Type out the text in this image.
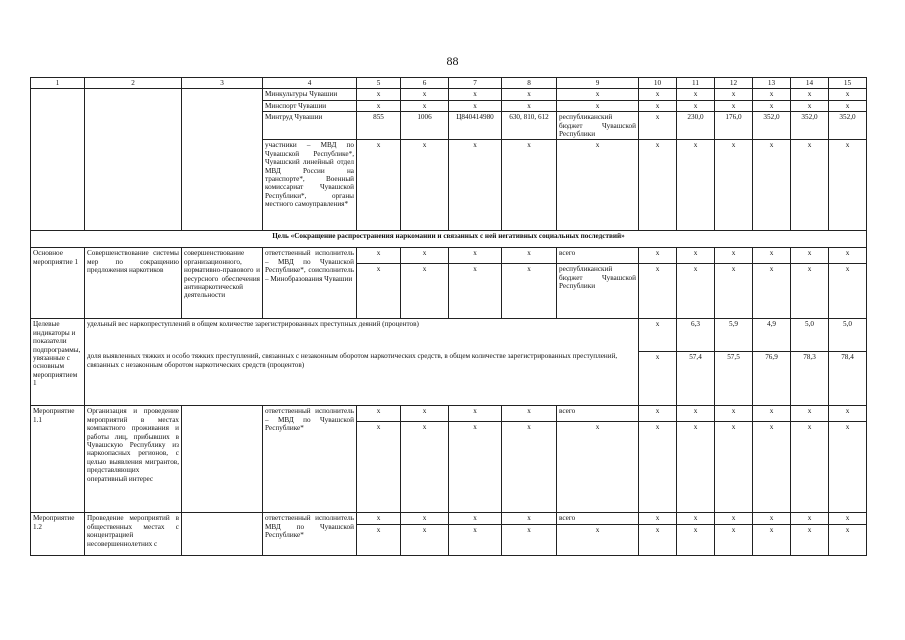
88
1	2	3	4	5	6	7	8	9	10	11	12	13	14	15
			Минкультуры Чувашии	х	х	х	х	х	х	х	х	х	х	х
			Минспорт Чувашии	х	х	х	х	х	х	х	х	х	х	х
			Минтруд Чувашии	855	1006	Ц840414980	630, 810, 612	республиканский бюджет Чувашской Республики	х	230,0	176,0	352,0	352,0	352,0
			участники – МВД по Чувашской Республике*, Чувашский линейный отдел МВД России на транспорте*, Военный комиссариат Чувашской Республики*, органы местного самоуправления*	х	х	х	х	х	х	х	х	х	х	х
Цель «Сокращение распространения наркомании и связанных с ней негативных социальных последствий»														
Основное мероприятие 1	Совершенствование системы мер по сокращению предложения наркотиков	совершенствование организационного, нормативно-правового и ресурсного обеспечения антинаркотической деятельности	ответственный исполнитель – МВД по Чувашской Республике*, соисполнитель – Минобразования Чувашии	х	х	х	х	всего	х	х	х	х	х	х
				х	х	х	х	республиканский бюджет Чувашской Республики	х	х	х	х	х	х
Целевые индикаторы и показатели подпрограммы, увязанные с основным мероприятием 1	удельный вес наркопреступлений в общем количестве зарегистрированных преступных деяний (процентов)								х	6,3	5,9	4,9	5,0	5,0
	доля выявленных тяжких и особо тяжких преступлений, связанных с незаконным оборотом наркотических средств, в общем количестве зарегистрированных преступлений, связанных с незаконным оборотом наркотических средств (процентов)								х	57,4	57,5	76,9	78,3	78,4
Мероприятие 1.1	Организация и проведение мероприятий в местах компактного проживания и работы лиц, прибывших в Чувашскую Республику из наркоопасных регионов, с целью выявления мигрантов, представляющих оперативный интерес		ответственный исполнитель – МВД по Чувашской Республике*	х	х	х	х	всего	х	х	х	х	х	х
				х	х	х	х	х	х	х	х	х	х	х
Мероприятие 1.2	Проведение мероприятий в общественных местах с концентрацией несовершеннолетних с		ответственный исполнитель МВД по Чувашской Республике*	х	х	х	х	всего	х	х	х	х	х	х
				х	х	х	х	х	х	х	х	х	х	х
